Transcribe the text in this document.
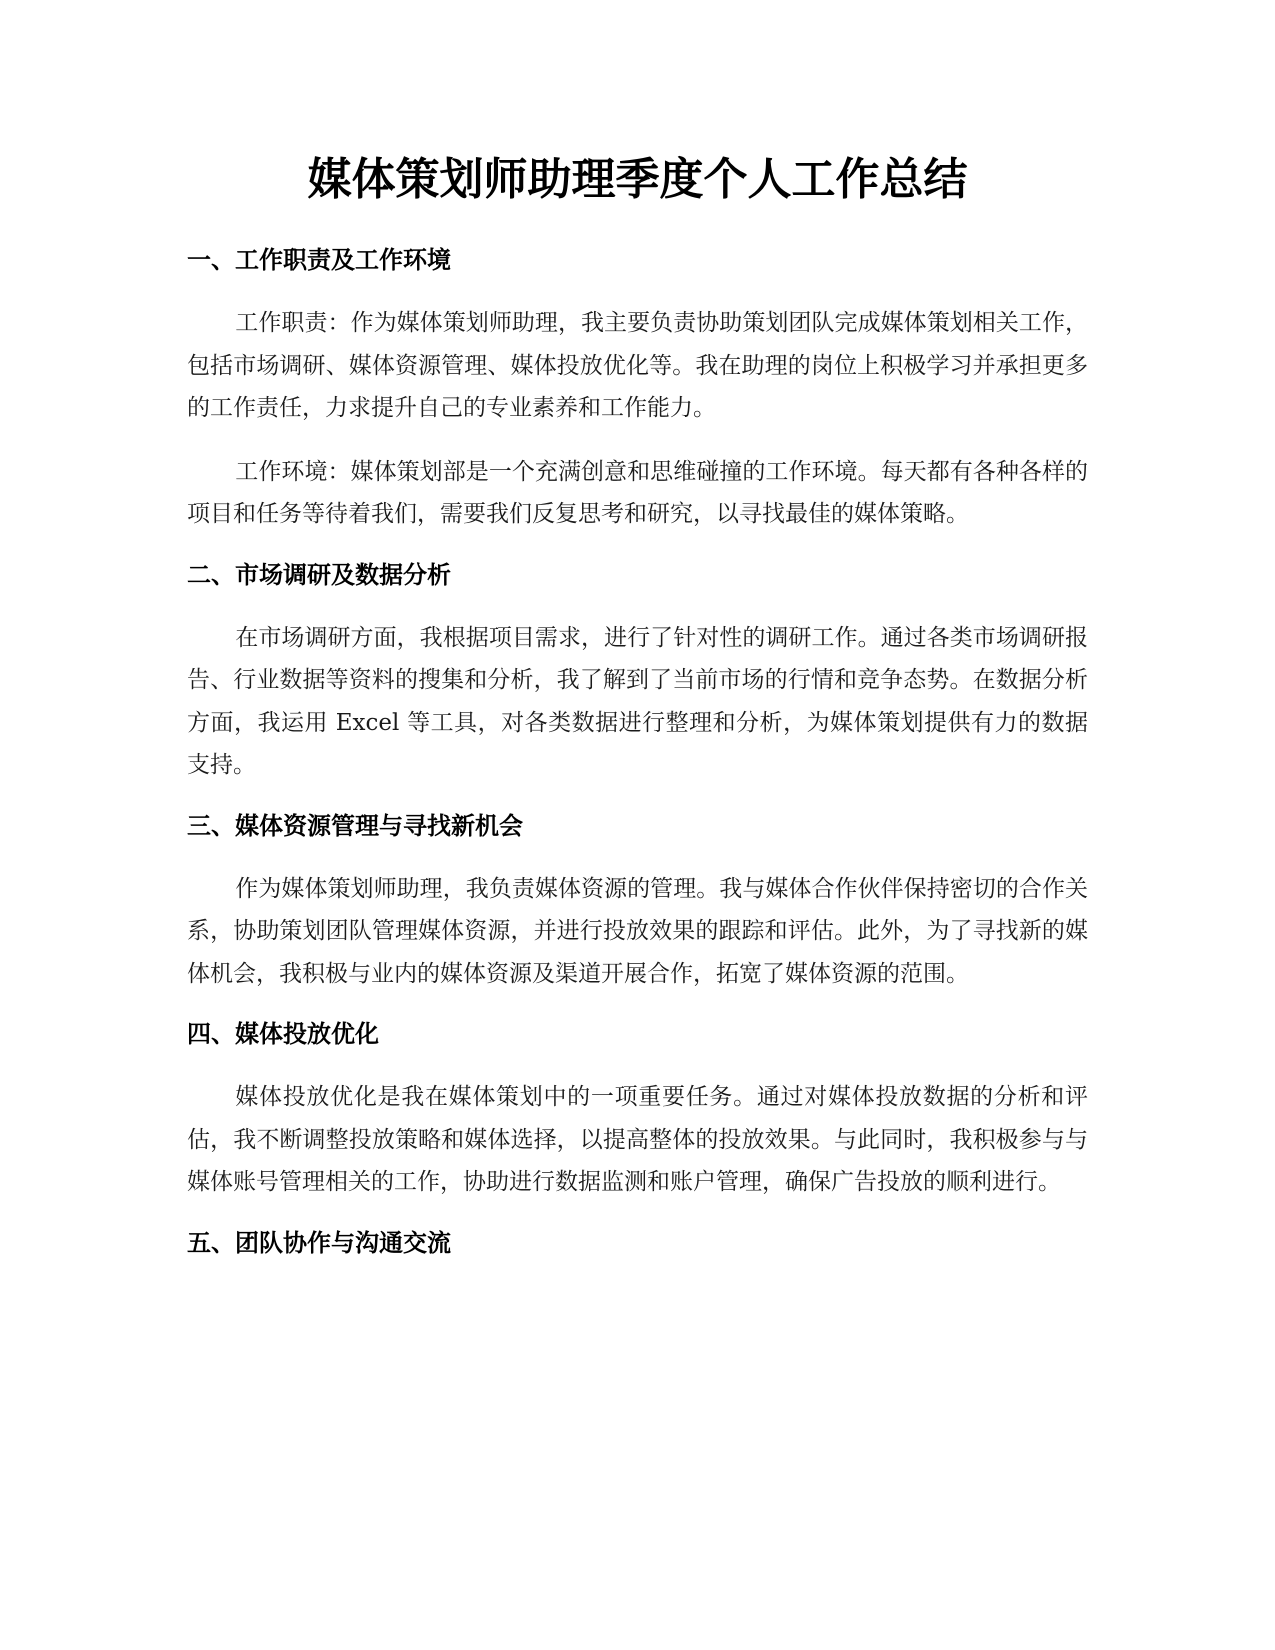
媒体策划师助理季度个人工作总结
一、工作职责及工作环境

工作职责：作为媒体策划师助理，我主要负责协助策划团队完成媒体策划相关工作，包括市场调研、媒体资源管理、媒体投放优化等。我在助理的岗位上积极学习并承担更多的工作责任，力求提升自己的专业素养和工作能力。

工作环境：媒体策划部是一个充满创意和思维碰撞的工作环境。每天都有各种各样的项目和任务等待着我们，需要我们反复思考和研究，以寻找最佳的媒体策略。

二、市场调研及数据分析

在市场调研方面，我根据项目需求，进行了针对性的调研工作。通过各类市场调研报告、行业数据等资料的搜集和分析，我了解到了当前市场的行情和竞争态势。在数据分析方面，我运用 Excel 等工具，对各类数据进行整理和分析，为媒体策划提供有力的数据支持。

三、媒体资源管理与寻找新机会

作为媒体策划师助理，我负责媒体资源的管理。我与媒体合作伙伴保持密切的合作关系，协助策划团队管理媒体资源，并进行投放效果的跟踪和评估。此外，为了寻找新的媒体机会，我积极与业内的媒体资源及渠道开展合作，拓宽了媒体资源的范围。

四、媒体投放优化

媒体投放优化是我在媒体策划中的一项重要任务。通过对媒体投放数据的分析和评估，我不断调整投放策略和媒体选择，以提高整体的投放效果。与此同时，我积极参与与媒体账号管理相关的工作，协助进行数据监测和账户管理，确保广告投放的顺利进行。

五、团队协作与沟通交流
